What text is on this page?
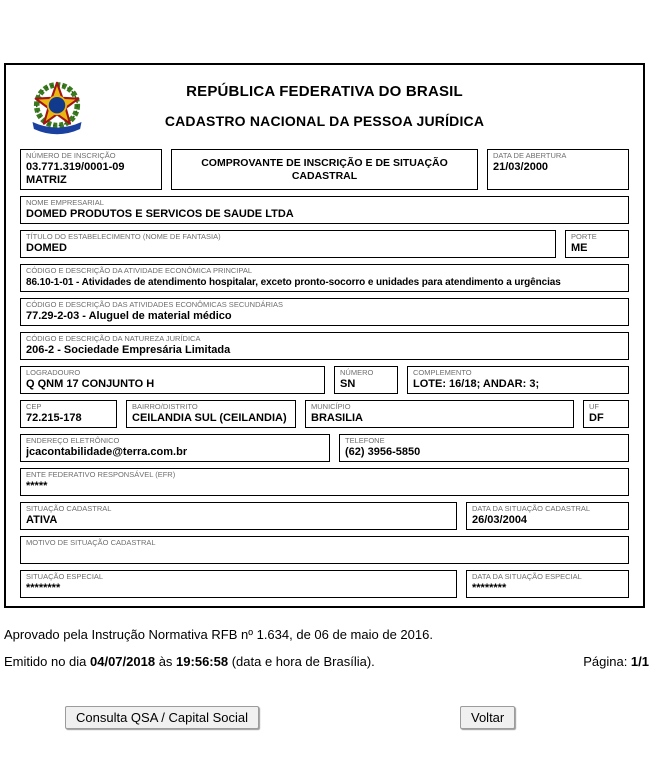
REPÚBLICA FEDERATIVA DO BRASIL
CADASTRO NACIONAL DA PESSOA JURÍDICA
NÚMERO DE INSCRIÇÃO
03.771.319/0001-09
MATRIZ
COMPROVANTE DE INSCRIÇÃO E DE SITUAÇÃO CADASTRAL
DATA DE ABERTURA
21/03/2000
NOME EMPRESARIAL
DOMED PRODUTOS E SERVICOS DE SAUDE LTDA
TÍTULO DO ESTABELECIMENTO (NOME DE FANTASIA)
DOMED
PORTE
ME
CÓDIGO E DESCRIÇÃO DA ATIVIDADE ECONÔMICA PRINCIPAL
86.10-1-01 - Atividades de atendimento hospitalar, exceto pronto-socorro e unidades para atendimento a urgências
CÓDIGO E DESCRIÇÃO DAS ATIVIDADES ECONÔMICAS SECUNDÁRIAS
77.29-2-03 - Aluguel de material médico
CÓDIGO E DESCRIÇÃO DA NATUREZA JURÍDICA
206-2 - Sociedade Empresária Limitada
LOGRADOURO
Q QNM 17 CONJUNTO H
NÚMERO
SN
COMPLEMENTO
LOTE: 16/18; ANDAR: 3;
CEP
72.215-178
BAIRRO/DISTRITO
CEILANDIA SUL (CEILANDIA)
MUNICÍPIO
BRASILIA
UF
DF
ENDEREÇO ELETRÔNICO
jcacontabilidade@terra.com.br
TELEFONE
(62) 3956-5850
ENTE FEDERATIVO RESPONSÁVEL (EFR)
*****
SITUAÇÃO CADASTRAL
ATIVA
DATA DA SITUAÇÃO CADASTRAL
26/03/2004
MOTIVO DE SITUAÇÃO CADASTRAL
SITUAÇÃO ESPECIAL
********
DATA DA SITUAÇÃO ESPECIAL
********
Aprovado pela Instrução Normativa RFB nº 1.634, de 06 de maio de 2016.
Emitido no dia 04/07/2018 às 19:56:58 (data e hora de Brasília).	Página: 1/1
Consulta QSA / Capital Social	Voltar
